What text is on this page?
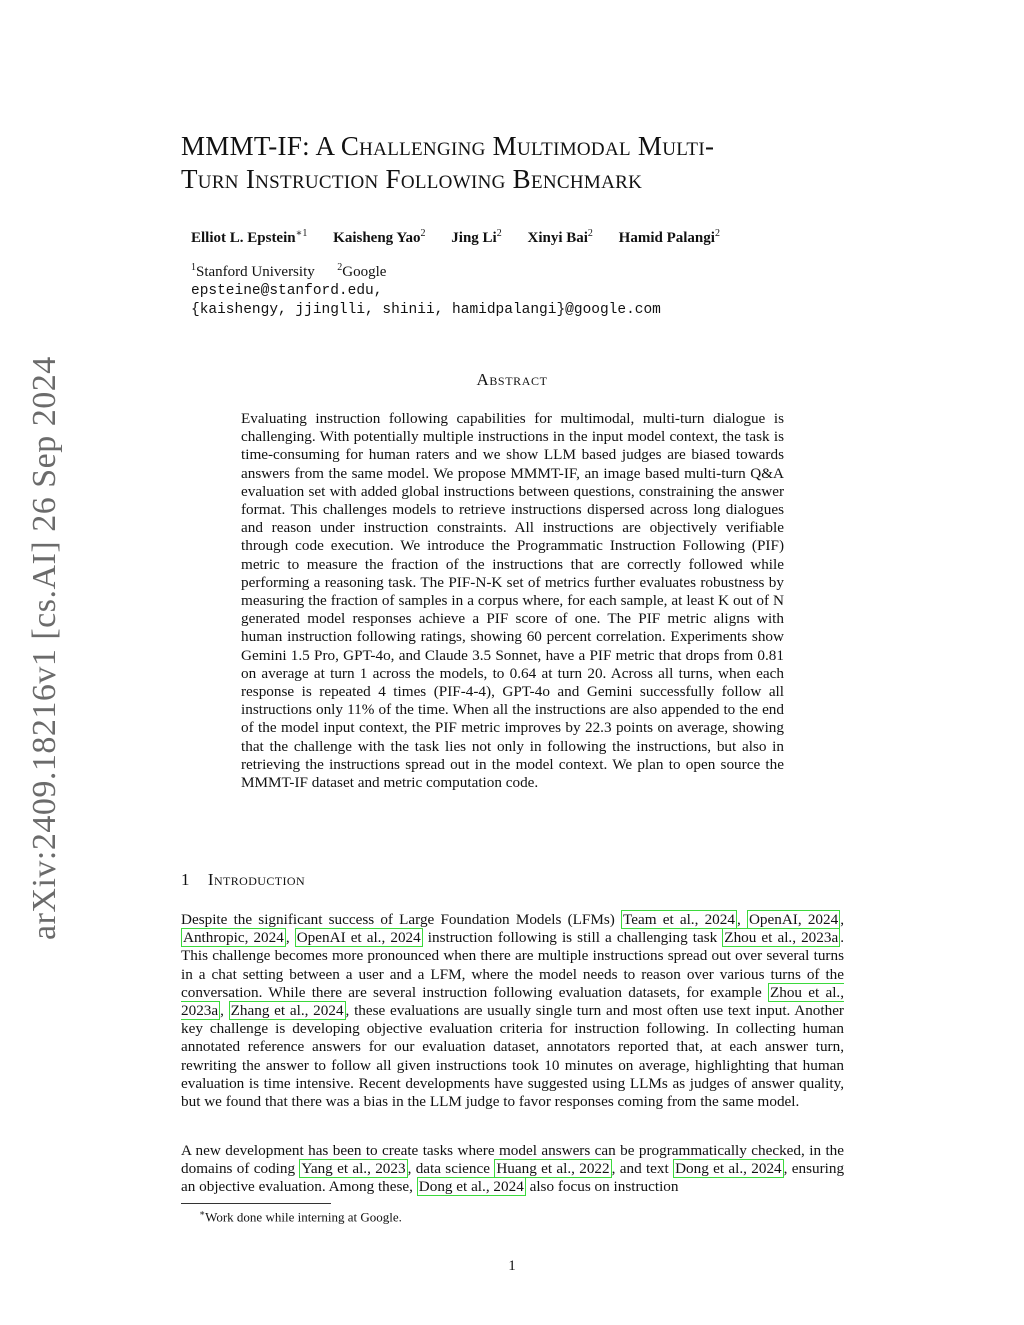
arXiv:2409.18216v1 [cs.AI] 26 Sep 2024
MMMT-IF: A Challenging Multimodal Multi-
Turn Instruction Following Benchmark
Elliot L. Epstein$^{∗1}$ Kaisheng Yao$^2$ Jing Li$^2$ Xinyi Bai$^2$ Hamid Palangi$^2$
$^1$Stanford University $^2$Google
epsteine@stanford.edu,
{kaishengy, jjinglli, shinii, hamidpalangi}@google.com
Abstract
Evaluating instruction following capabilities for multimodal, multi-turn dialogue is challenging. With potentially multiple instructions in the input model context, the task is time-consuming for human raters and we show LLM based judges are biased towards answers from the same model. We propose MMMT-IF, an image based multi-turn Q&A evaluation set with added global instructions between questions, constraining the answer format. This challenges models to retrieve instructions dispersed across long dialogues and reason under instruction constraints. All instructions are objectively verifiable through code execution. We introduce the Programmatic Instruction Following (PIF) metric to measure the fraction of the instructions that are correctly followed while performing a reasoning task. The PIF-N-K set of metrics further evaluates robustness by measuring the fraction of samples in a corpus where, for each sample, at least K out of N generated model responses achieve a PIF score of one. The PIF metric aligns with human instruction following ratings, showing 60 percent correlation. Experiments show Gemini 1.5 Pro, GPT-4o, and Claude 3.5 Sonnet, have a PIF metric that drops from 0.81 on average at turn 1 across the models, to 0.64 at turn 20. Across all turns, when each response is repeated 4 times (PIF-4-4), GPT-4o and Gemini successfully follow all instructions only 11% of the time. When all the instructions are also appended to the end of the model input context, the PIF metric improves by 22.3 points on average, showing that the challenge with the task lies not only in following the instructions, but also in retrieving the instructions spread out in the model context. We plan to open source the MMMT-IF dataset and metric computation code.
1 Introduction
Despite the significant success of Large Foundation Models (LFMs) Team et al., 2024 , OpenAI, 2024 , Anthropic, 2024 , OpenAI et al., 2024 instruction following is still a challenging task Zhou et al., 2023a . This challenge becomes more pronounced when there are multiple instructions spread out over several turns in a chat setting between a user and a LFM, where the model needs to reason over various turns of the conversation. While there are several instruction following evaluation datasets, for example Zhou et al., 2023a , Zhang et al., 2024 , these evaluations are usually single turn and most often use text input. Another key challenge is developing objective evaluation criteria for instruction following. In collecting human annotated reference answers for our evaluation dataset, annotators reported that, at each answer turn, rewriting the answer to follow all given instructions took 10 minutes on average, highlighting that human evaluation is time intensive. Recent developments have suggested using LLMs as judges of answer quality, but we found that there was a bias in the LLM judge to favor responses coming from the same model.
A new development has been to create tasks where model answers can be programmatically checked, in the domains of coding Yang et al., 2023 , data science Huang et al., 2022 , and text Dong et al., 2024 , ensuring an objective evaluation. Among these, Dong et al., 2024 also focus on instruction
∗Work done while interning at Google.
1
